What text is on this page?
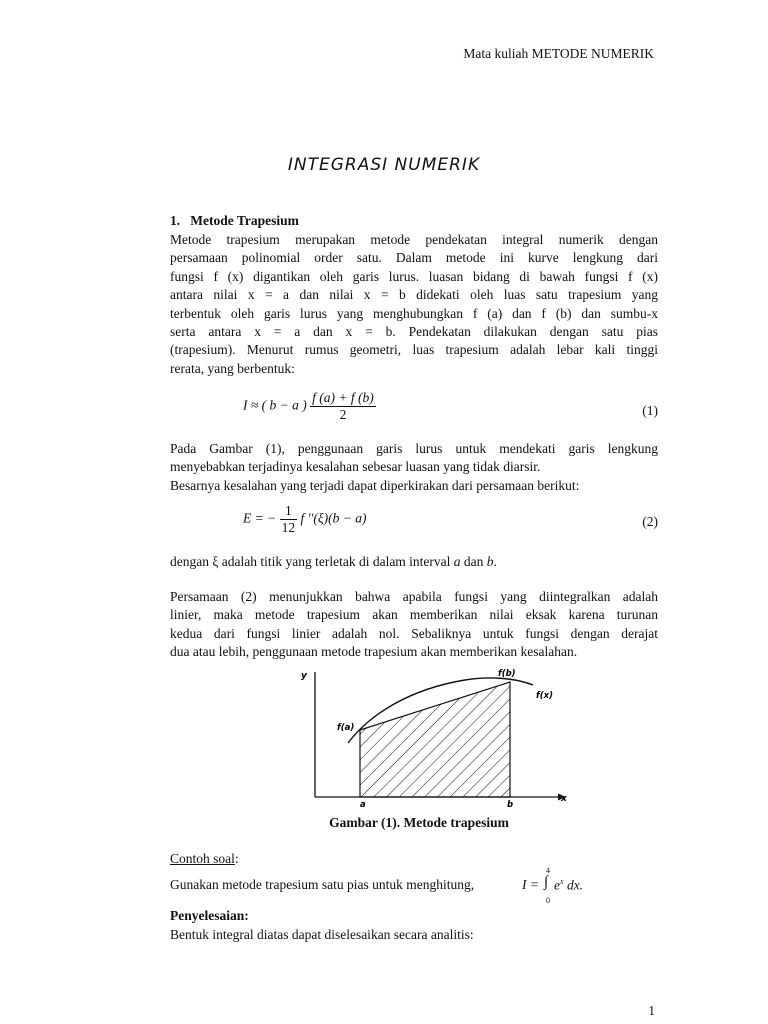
Mata kuliah METODE NUMERIK
INTEGRASI NUMERIK
1. Metode Trapesium
Metode trapesium merupakan metode pendekatan integral numerik dengan
persamaan polinomial order satu. Dalam metode ini kurve lengkung dari
fungsi f (x) digantikan oleh garis lurus. luasan bidang di bawah fungsi f (x)
antara nilai x = a dan nilai x = b didekati oleh luas satu trapesium yang
terbentuk oleh garis lurus yang menghubungkan f (a) dan f (b) dan sumbu-x
serta antara x = a dan x = b. Pendekatan dilakukan dengan satu pias
(trapesium). Menurut rumus geometri, luas trapesium adalah lebar kali tinggi
rerata, yang berbentuk:
I ≈ ( b − a ) $\frac{f (a) + f (b)}{2}$	(1)
Pada Gambar (1), penggunaan garis lurus untuk mendekati garis lengkung
menyebabkan terjadinya kesalahan sebesar luasan yang tidak diarsir.
Besarnya kesalahan yang terjadi dapat diperkirakan dari persamaan berikut:
E = − $\frac{1}{12}$ f ''(ξ)(b − a)	(2)
dengan ξ adalah titik yang terletak di dalam interval a dan b.
Persamaan (2) menunjukkan bahwa apabila fungsi yang diintegralkan adalah
linier, maka metode trapesium akan memberikan nilai eksak karena turunan
kedua dari fungsi linier adalah nol. Sebaliknya untuk fungsi dengan derajat
dua atau lebih, penggunaan metode trapesium akan memberikan kesalahan.
y
x
f(a)
f(b)
f(x)
a	b
Gambar (1). Metode trapesium
Contoh soal:
Gunakan metode trapesium satu pias untuk menghitung,	I =
4
∫
0
$e^x$ dx.
Penyelesaian:
Bentuk integral diatas dapat diselesaikan secara analitis:
1
